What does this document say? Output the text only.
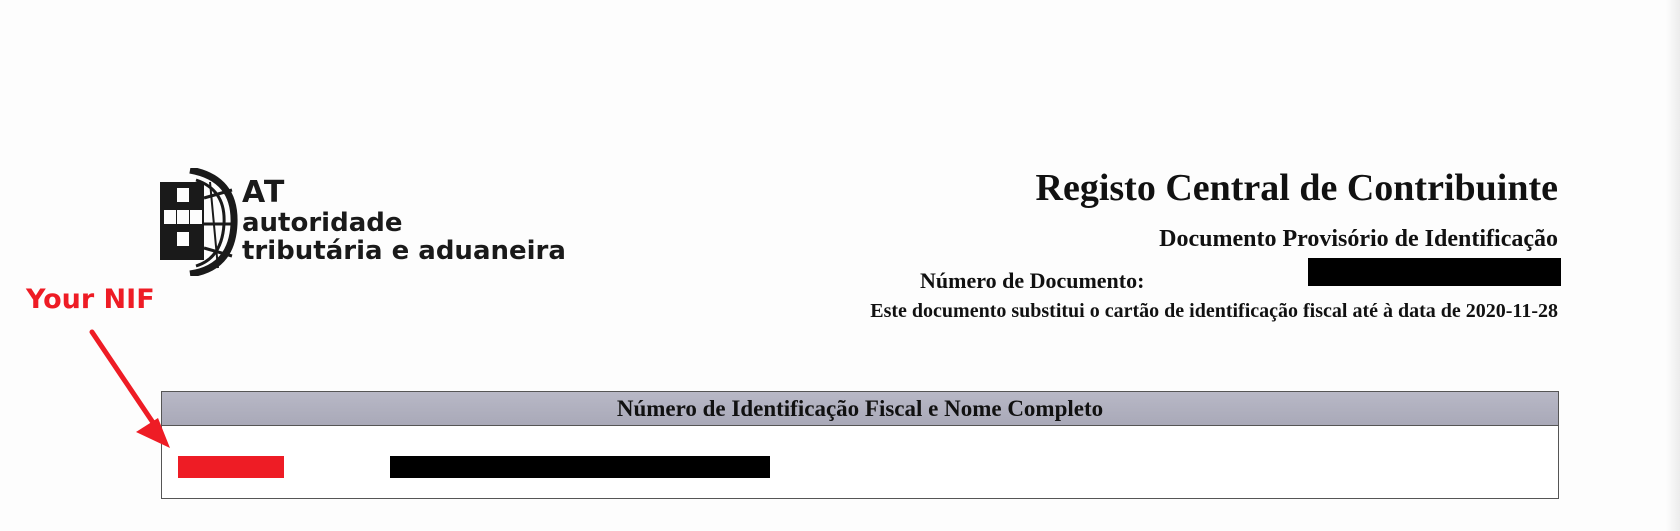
AT
autoridade
tributária e aduaneira
Registo Central de Contribuinte
Documento Provisório de Identificação
Número de Documento:
Este documento substitui o cartão de identificação fiscal até à data de 2020-11-28
Número de Identificação Fiscal e Nome Completo
Your NIF
